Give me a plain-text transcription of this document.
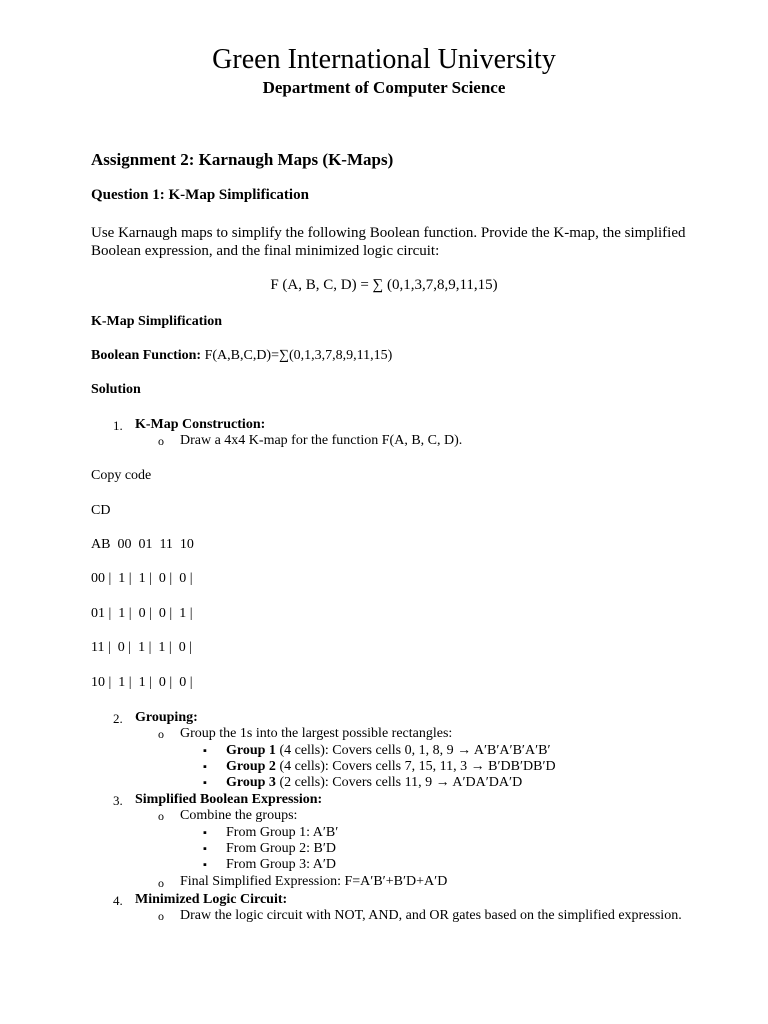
Green International University
Department of Computer Science
Assignment 2: Karnaugh Maps (K-Maps)
Question 1: K-Map Simplification
Use Karnaugh maps to simplify the following Boolean function. Provide the K-map, the simplified Boolean expression, and the final minimized logic circuit:
F (A, B, C, D) = ∑ (0,1,3,7,8,9,11,15)
K-Map Simplification
Boolean Function: F(A,B,C,D)=∑(0,1,3,7,8,9,11,15)
Solution
1. K-Map Construction:
o Draw a 4x4 K-map for the function F(A, B, C, D).
Copy code
CD
AB  00  01  11  10
00 |  1 |  1 |  0 |  0 |
01 |  1 |  0 |  0 |  1 |
11 |  0 |  1 |  1 |  0 |
10 |  1 |  1 |  0 |  0 |
2. Grouping:
o Group the 1s into the largest possible rectangles:
▪ Group 1 (4 cells): Covers cells 0, 1, 8, 9 → A′B′A′B′A′B′
▪ Group 2 (4 cells): Covers cells 7, 15, 11, 3 → B′DB′DB′D
▪ Group 3 (2 cells): Covers cells 11, 9 → A′DA′DA′D
3. Simplified Boolean Expression:
o Combine the groups:
▪ From Group 1: A′B′
▪ From Group 2: B′D
▪ From Group 3: A′D
o Final Simplified Expression: F=A′B′+B′D+A′D
4. Minimized Logic Circuit:
o Draw the logic circuit with NOT, AND, and OR gates based on the simplified expression.
